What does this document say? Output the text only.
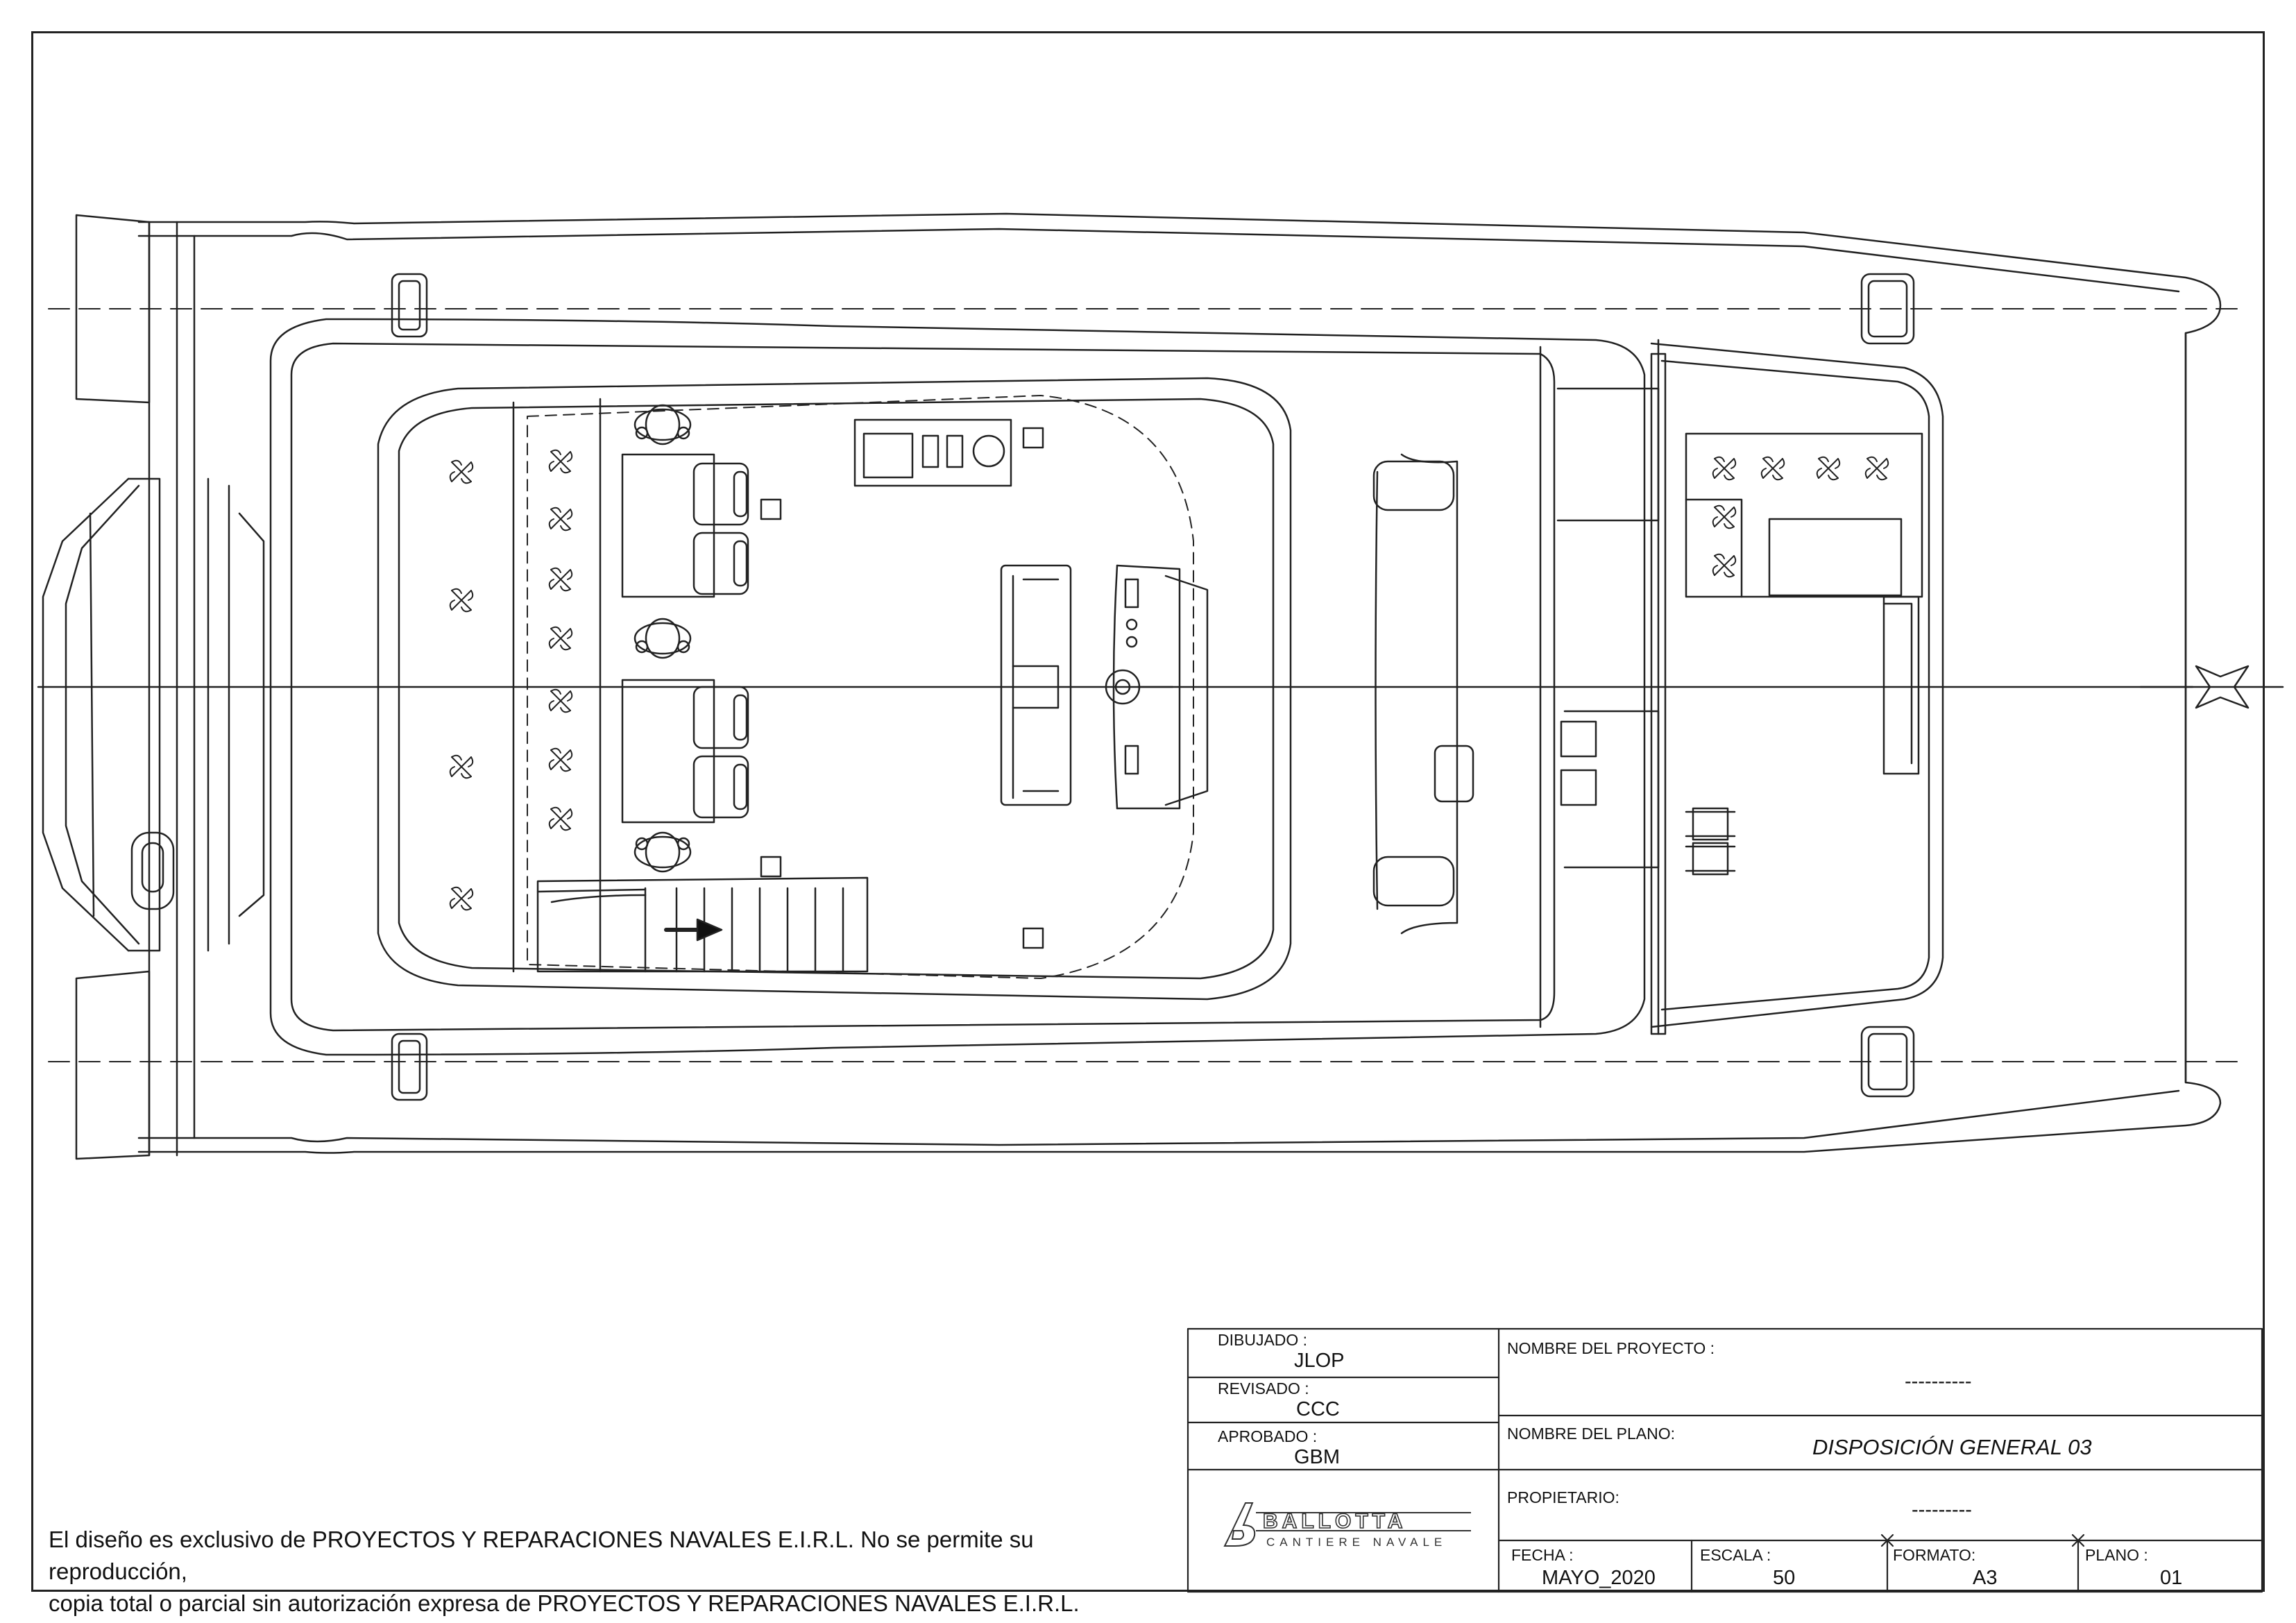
DIBUJADO :
JLOP
REVISADO :
CCC
APROBADO :
GBM
NOMBRE DEL PROYECTO :
----------
NOMBRE DEL PLANO:
DISPOSICIÓN GENERAL 03
PROPIETARIO:
---------
FECHA :
MAYO_2020
ESCALA :
50
FORMATO:
A3
PLANO :
01
BALLOTTA
CANTIERE NAVALE
El diseño es exclusivo de PROYECTOS Y REPARACIONES NAVALES E.I.R.L. No se permite su reproducción,
copia total o parcial sin autorización expresa de PROYECTOS Y REPARACIONES NAVALES E.I.R.L.
